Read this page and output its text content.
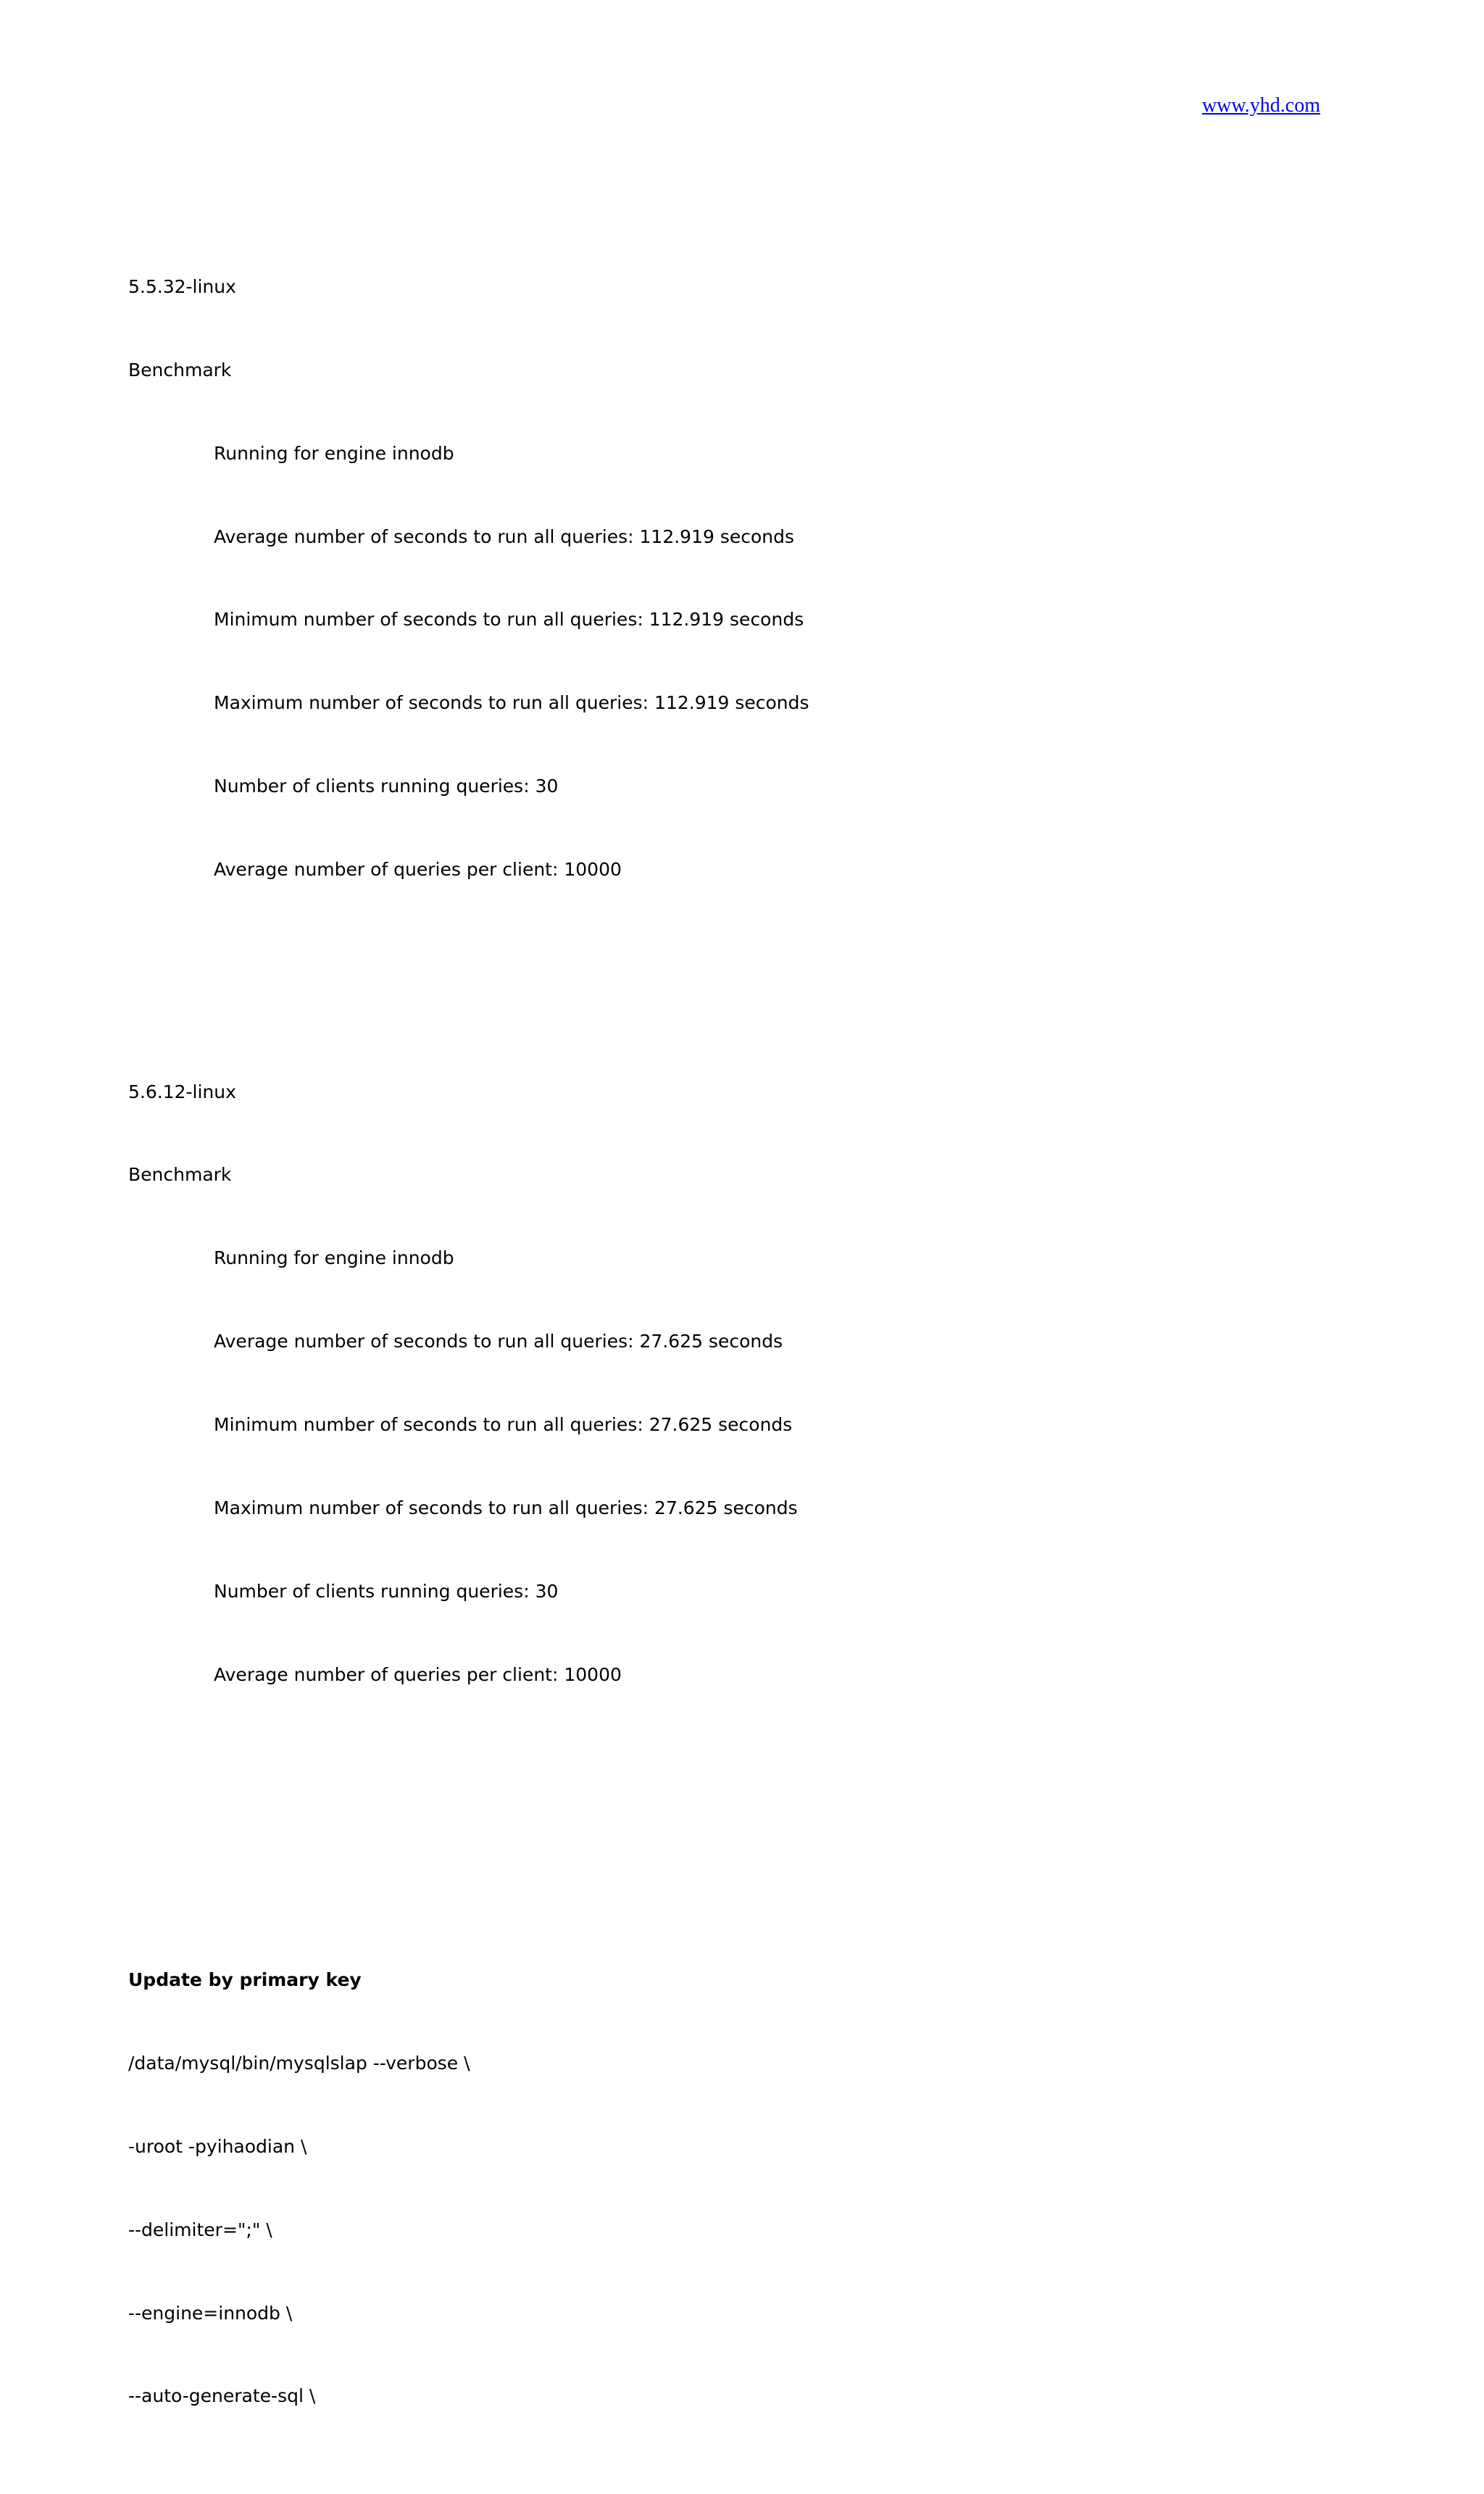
www.yhd.com

5.5.32-linux

Benchmark

Running for engine innodb

Average number of seconds to run all queries: 112.919 seconds

Minimum number of seconds to run all queries: 112.919 seconds

Maximum number of seconds to run all queries: 112.919 seconds

Number of clients running queries: 30

Average number of queries per client: 10000

5.6.12-linux

Benchmark

Running for engine innodb

Average number of seconds to run all queries: 27.625 seconds

Minimum number of seconds to run all queries: 27.625 seconds

Maximum number of seconds to run all queries: 27.625 seconds

Number of clients running queries: 30

Average number of queries per client: 10000

Update by primary key

/data/mysql/bin/mysqlslap --verbose \

-uroot -pyihaodian \

--delimiter=";" \

--engine=innodb \

--auto-generate-sql \
